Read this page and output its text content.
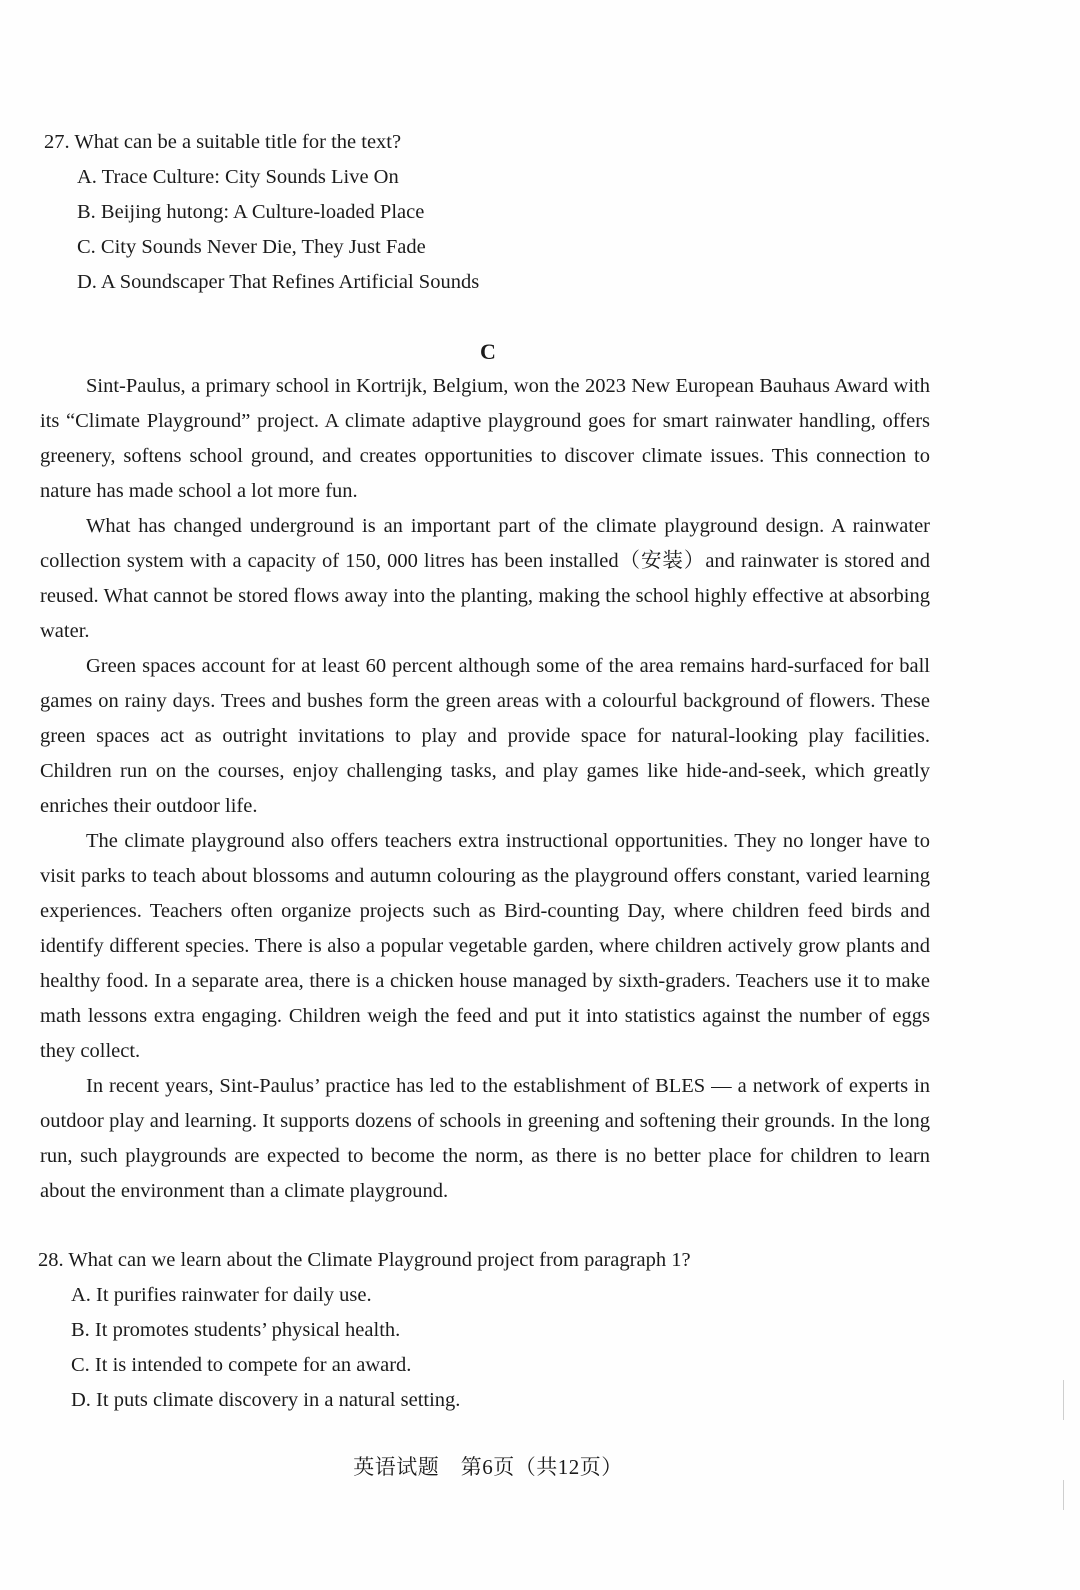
27. What can be a suitable title for the text?
A. Trace Culture: City Sounds Live On
B. Beijing hutong: A Culture-loaded Place
C. City Sounds Never Die, They Just Fade
D. A Soundscaper That Refines Artificial Sounds
C

Sint-Paulus, a primary school in Kortrijk, Belgium, won the 2023 New European Bauhaus Award with its “Climate Playground” project. A climate adaptive playground goes for smart rainwater handling, offers greenery, softens school ground, and creates opportunities to discover climate issues. This connection to nature has made school a lot more fun.

What has changed underground is an important part of the climate playground design. A rainwater collection system with a capacity of 150, 000 litres has been installed（安装）and rainwater is stored and reused. What cannot be stored flows away into the planting, making the school highly effective at absorbing water.

Green spaces account for at least 60 percent although some of the area remains hard-surfaced for ball games on rainy days. Trees and bushes form the green areas with a colourful background of flowers. These green spaces act as outright invitations to play and provide space for natural-looking play facilities. Children run on the courses, enjoy challenging tasks, and play games like hide-and-seek, which greatly enriches their outdoor life.

The climate playground also offers teachers extra instructional opportunities. They no longer have to visit parks to teach about blossoms and autumn colouring as the playground offers constant, varied learning experiences. Teachers often organize projects such as Bird-counting Day, where children feed birds and identify different species. There is also a popular vegetable garden, where children actively grow plants and healthy food. In a separate area, there is a chicken house managed by sixth-graders. Teachers use it to make math lessons extra engaging. Children weigh the feed and put it into statistics against the number of eggs they collect.

In recent years, Sint-Paulus’ practice has led to the establishment of BLES — a network of experts in outdoor play and learning. It supports dozens of schools in greening and softening their grounds. In the long run, such playgrounds are expected to become the norm, as there is no better place for children to learn about the environment than a climate playground.

28. What can we learn about the Climate Playground project from paragraph 1?
A. It purifies rainwater for daily use.
B. It promotes students’ physical health.
C. It is intended to compete for an award.
D. It puts climate discovery in a natural setting.
英语试题　第6页（共12页）
